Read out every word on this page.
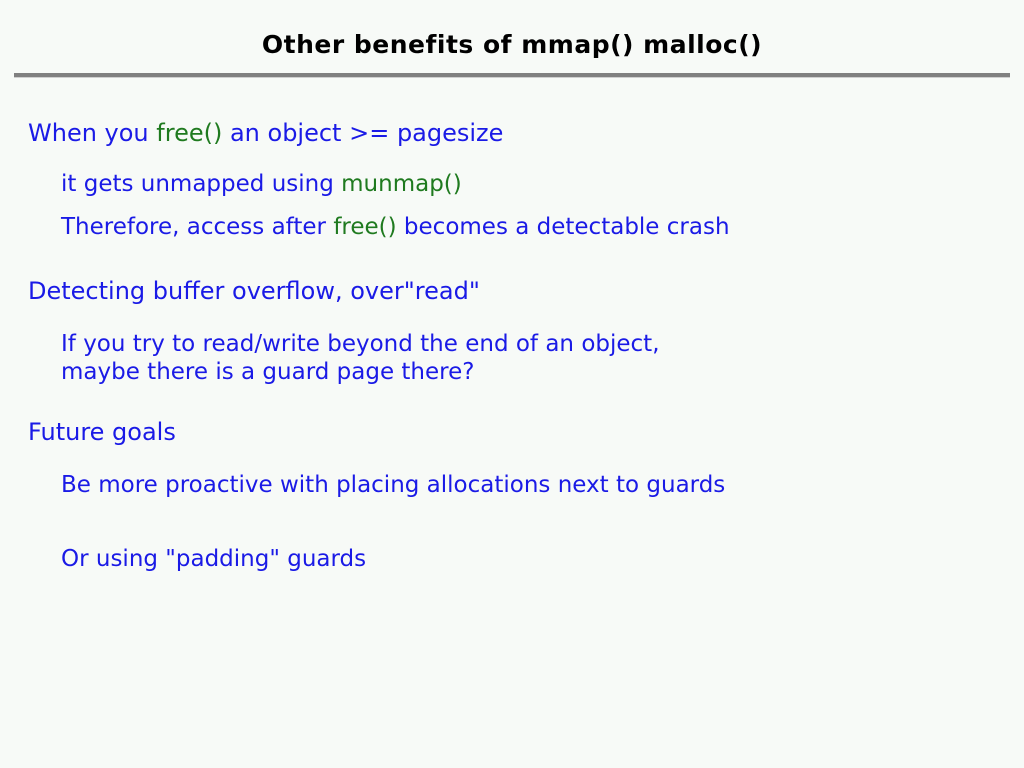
Other benefits of mmap() malloc()
When you free() an object >= pagesize
it gets unmapped using munmap()
Therefore, access after free() becomes a detectable crash
Detecting buffer overflow, over"read"
If you try to read/write beyond the end of an object,
maybe there is a guard page there?
Future goals
Be more proactive with placing allocations next to guards
Or using "padding" guards
